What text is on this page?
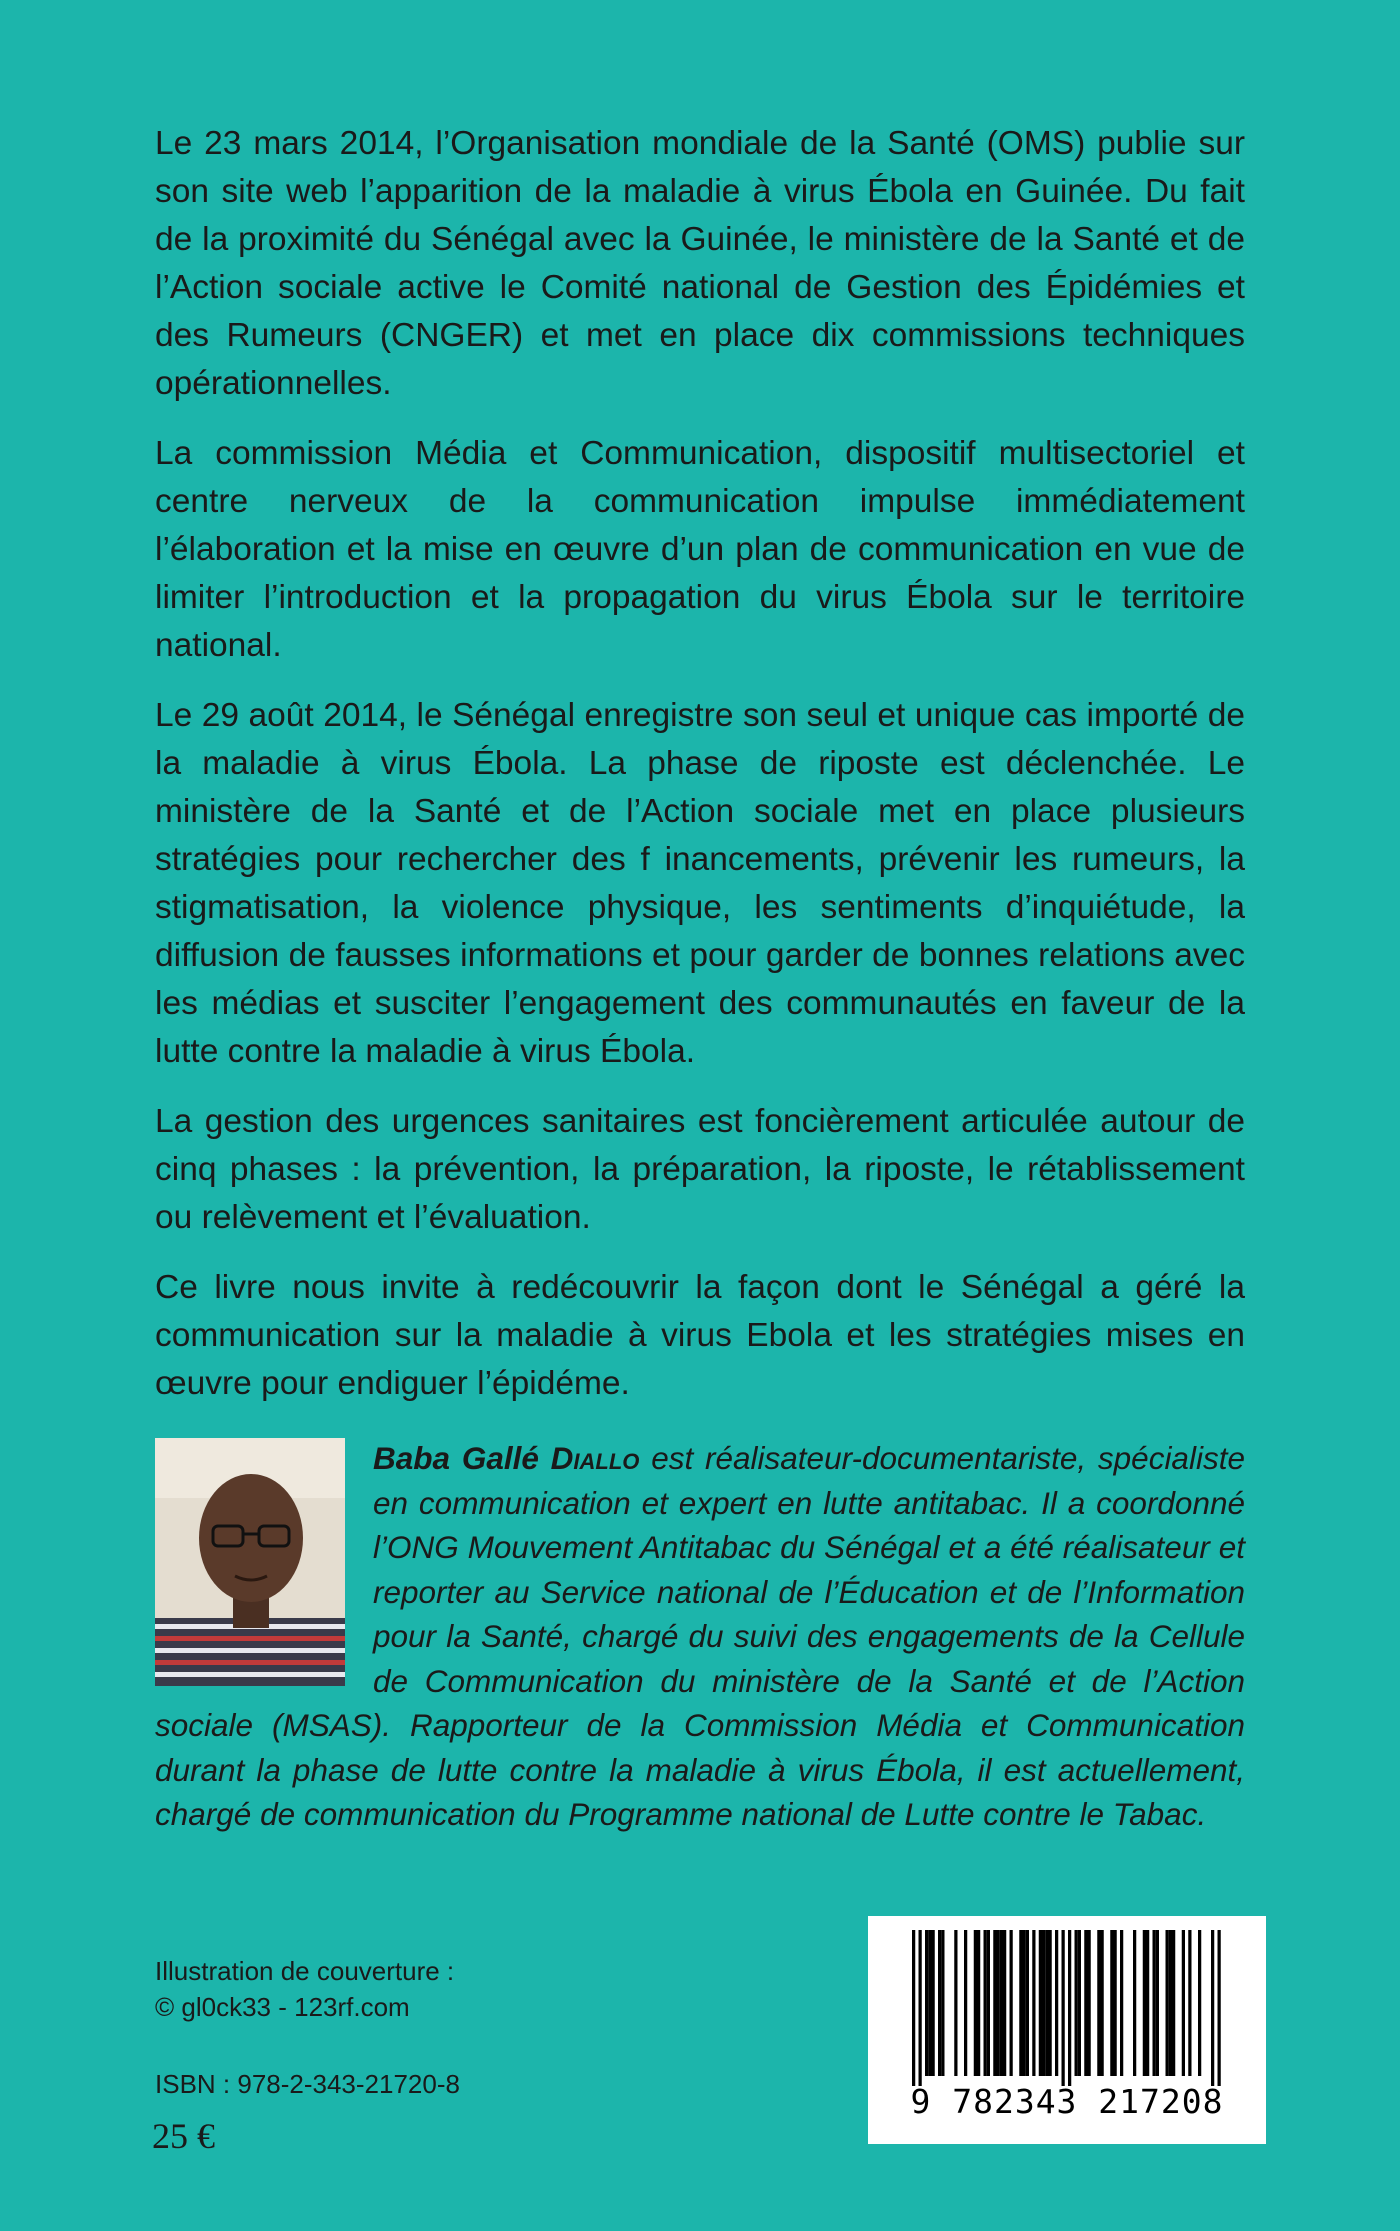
Le 23 mars 2014, l’Organisation mondiale de la Santé (OMS) publie sur son site web l’apparition de la maladie à virus Ébola en Guinée. Du fait de la proximité du Sénégal avec la Guinée, le ministère de la Santé et de l’Action sociale active le Comité national de Gestion des Épidémies et des Rumeurs (CNGER) et met en place dix commissions techniques opérationnelles.

La commission Média et Communication, dispositif multisectoriel et centre nerveux de la communication impulse immédiatement l’élaboration et la mise en œuvre d’un plan de communication en vue de limiter l’introduction et la propagation du virus Ébola sur le territoire national.

Le 29 août 2014, le Sénégal enregistre son seul et unique cas importé de la maladie à virus Ébola. La phase de riposte est déclenchée. Le ministère de la Santé et de l’Action sociale met en place plusieurs stratégies pour rechercher des f inancements, prévenir les rumeurs, la stigmatisation, la violence physique, les sentiments d’inquiétude, la diffusion de fausses informations et pour garder de bonnes relations avec les médias et susciter l’engagement des communautés en faveur de la lutte contre la maladie à virus Ébola.

La gestion des urgences sanitaires est foncièrement articulée autour de cinq phases : la prévention, la préparation, la riposte, le rétablissement ou relèvement et l’évaluation.

Ce livre nous invite à redécouvrir la façon dont le Sénégal a géré la communication sur la maladie à virus Ebola et les stratégies mises en œuvre pour endiguer l’épidéme.

Baba Gallé Diallo est réalisateur-documentariste, spécialiste en communication et expert en lutte antitabac. Il a coordonné l’ONG Mouvement Antitabac du Sénégal et a été réalisateur et reporter au Service national de l’Éducation et de l’Information pour la Santé, chargé du suivi des engagements de la Cellule de Communication du ministère de la Santé et de l’Action sociale (MSAS). Rapporteur de la Commission Média et Communication durant la phase de lutte contre la maladie à virus Ébola, il est actuellement, chargé de communication du Programme national de Lutte contre le Tabac.
Illustration de couverture :
© gl0ck33 - 123rf.com
ISBN : 978-2-343-21720-8
25 €
9 782343 217208
